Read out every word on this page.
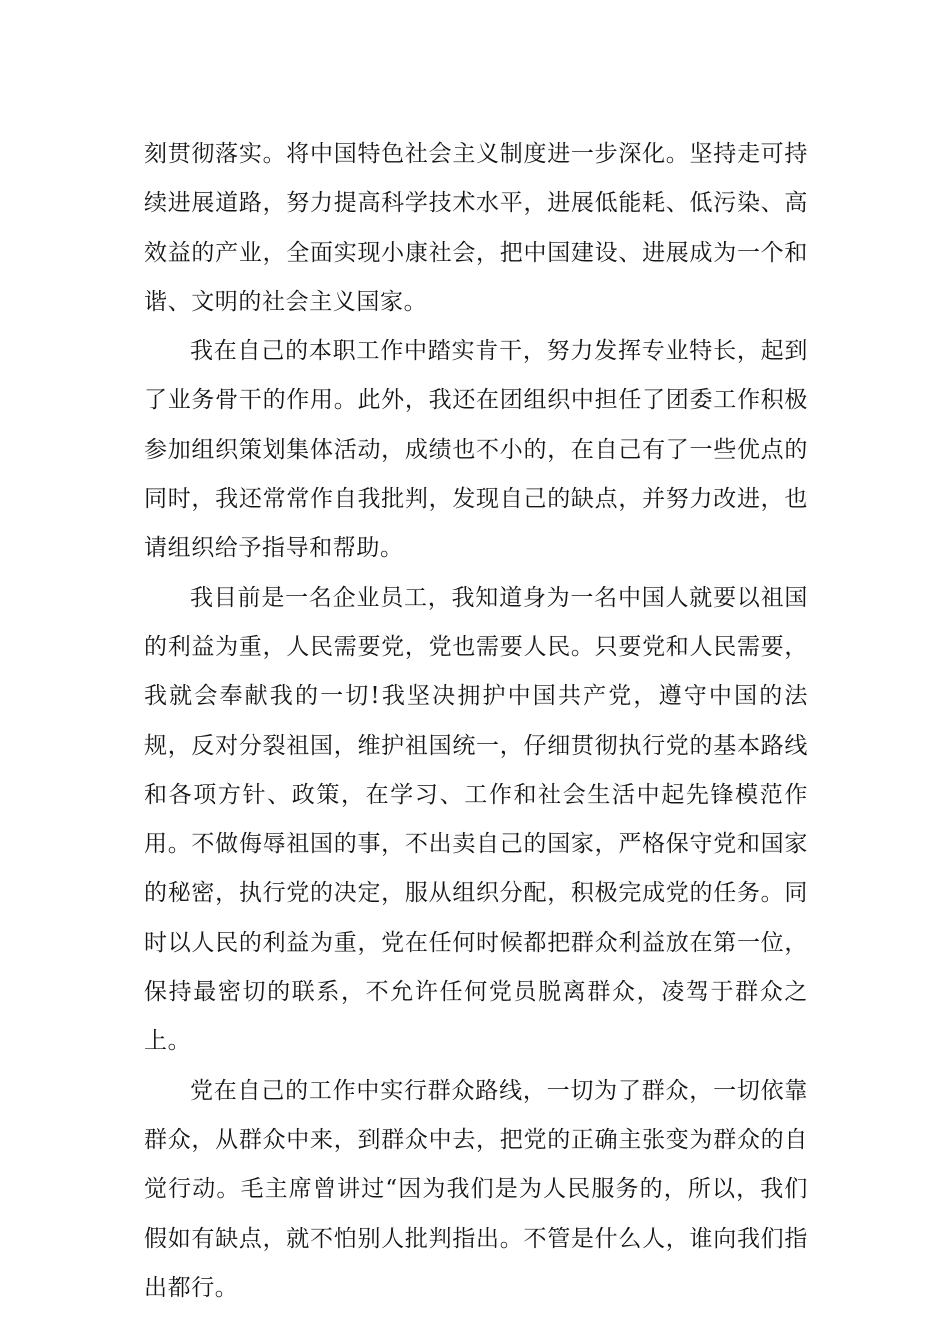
刻贯彻落实。将中国特色社会主义制度进一步深化。坚持走可持续进展道路，努力提高科学技术水平，进展低能耗、低污染、高效益的产业，全面实现小康社会，把中国建设、进展成为一个和谐、文明的社会主义国家。

我在自己的本职工作中踏实肯干，努力发挥专业特长，起到了业务骨干的作用。此外，我还在团组织中担任了团委工作积极参加组织策划集体活动，成绩也不小的，在自己有了一些优点的同时，我还常常作自我批判，发现自己的缺点，并努力改进，也请组织给予指导和帮助。

我目前是一名企业员工，我知道身为一名中国人就要以祖国的利益为重，人民需要党，党也需要人民。只要党和人民需要，我就会奉献我的一切!我坚决拥护中国共产党，遵守中国的法规，反对分裂祖国，维护祖国统一，仔细贯彻执行党的基本路线和各项方针、政策，在学习、工作和社会生活中起先锋模范作用。不做侮辱祖国的事，不出卖自己的国家，严格保守党和国家的秘密，执行党的决定，服从组织分配，积极完成党的任务。同时以人民的利益为重，党在任何时候都把群众利益放在第一位，保持最密切的联系，不允许任何党员脱离群众，凌驾于群众之上。

党在自己的工作中实行群众路线，一切为了群众，一切依靠群众，从群众中来，到群众中去，把党的正确主张变为群众的自觉行动。毛主席曾讲过“因为我们是为人民服务的，所以，我们假如有缺点，就不怕别人批判指出。不管是什么人，谁向我们指出都行。
